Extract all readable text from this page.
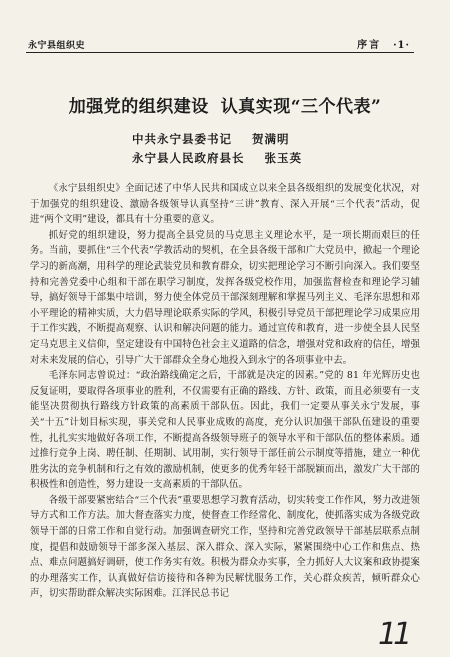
永宁县组织史	序言 ·1·
加强党的组织建设 认真实现“三个代表”
中共永宁县委书记 贺满明
永宁县人民政府县长 张玉英

《永宁县组织史》全面记述了中华人民共和国成立以来全县各级组织的发展变化状况，对于加强党的组织建设、激励各级领导认真坚持“三讲”教育、深入开展“三个代表”活动，促进“两个文明”建设，都具有十分重要的意义。

抓好党的组织建设，努力提高全县党员的马克思主义理论水平，是一项长期而艰巨的任务。当前，要抓住“三个代表”学教活动的契机，在全县各级干部和广大党员中，掀起一个理论学习的新高潮，用科学的理论武装党员和教育群众，切实把理论学习不断引向深入。我们要坚持和完善党委中心组和干部在职学习制度，发挥各级党校作用，加强监督检查和理论学习辅导，搞好领导干部集中培训，努力使全体党员干部深刻理解和掌握马列主义、毛泽东思想和邓小平理论的精神实质，大力倡导理论联系实际的学风，积极引导党员干部把理论学习成果应用于工作实践，不断提高观察、认识和解决问题的能力。通过宣传和教育，进一步使全县人民坚定马克思主义信仰，坚定建设有中国特色社会主义道路的信念，增强对党和政府的信任，增强对未来发展的信心，引导广大干部群众全身心地投入到永宁的各项事业中去。

毛泽东同志曾说过：“政治路线确定之后，干部就是决定的因素。”党的 81 年光辉历史也反复证明，要取得各项事业的胜利，不仅需要有正确的路线、方针、政策，而且必须要有一支能坚决贯彻执行路线方针政策的高素质干部队伍。因此，我们一定要从事关永宁发展，事关“十五”计划目标实现，事关党和人民事业成败的高度，充分认识加强干部队伍建设的重要性，扎扎实实地做好各项工作，不断提高各级领导班子的领导水平和干部队伍的整体素质。通过推行竞争上岗、聘任制、任期制、试用制，实行领导干部任前公示制度等措施，建立一种优胜劣汰的竞争机制和行之有效的激励机制，使更多的优秀年轻干部脱颖而出，激发广大干部的积极性和创造性，努力建设一支高素质的干部队伍。

各级干部要紧密结合“三个代表”重要思想学习教育活动，切实转变工作作风，努力改进领导方式和工作方法。加大督查落实力度，使督查工作经常化、制度化，使抓落实成为各级党政领导干部的日常工作和自觉行动。加强调查研究工作，坚持和完善党政领导干部基层联系点制度，提倡和鼓励领导干部多深入基层、深入群众、深入实际，紧紧围绕中心工作和焦点、热点、难点问题搞好调研，使工作务实有效。积极为群众办实事，全力抓好人大议案和政协提案的办理落实工作，认真做好信访接待和各种为民解忧服务工作，关心群众疾苦，倾听群众心声，切实帮助群众解决实际困难。江泽民总书记

11
